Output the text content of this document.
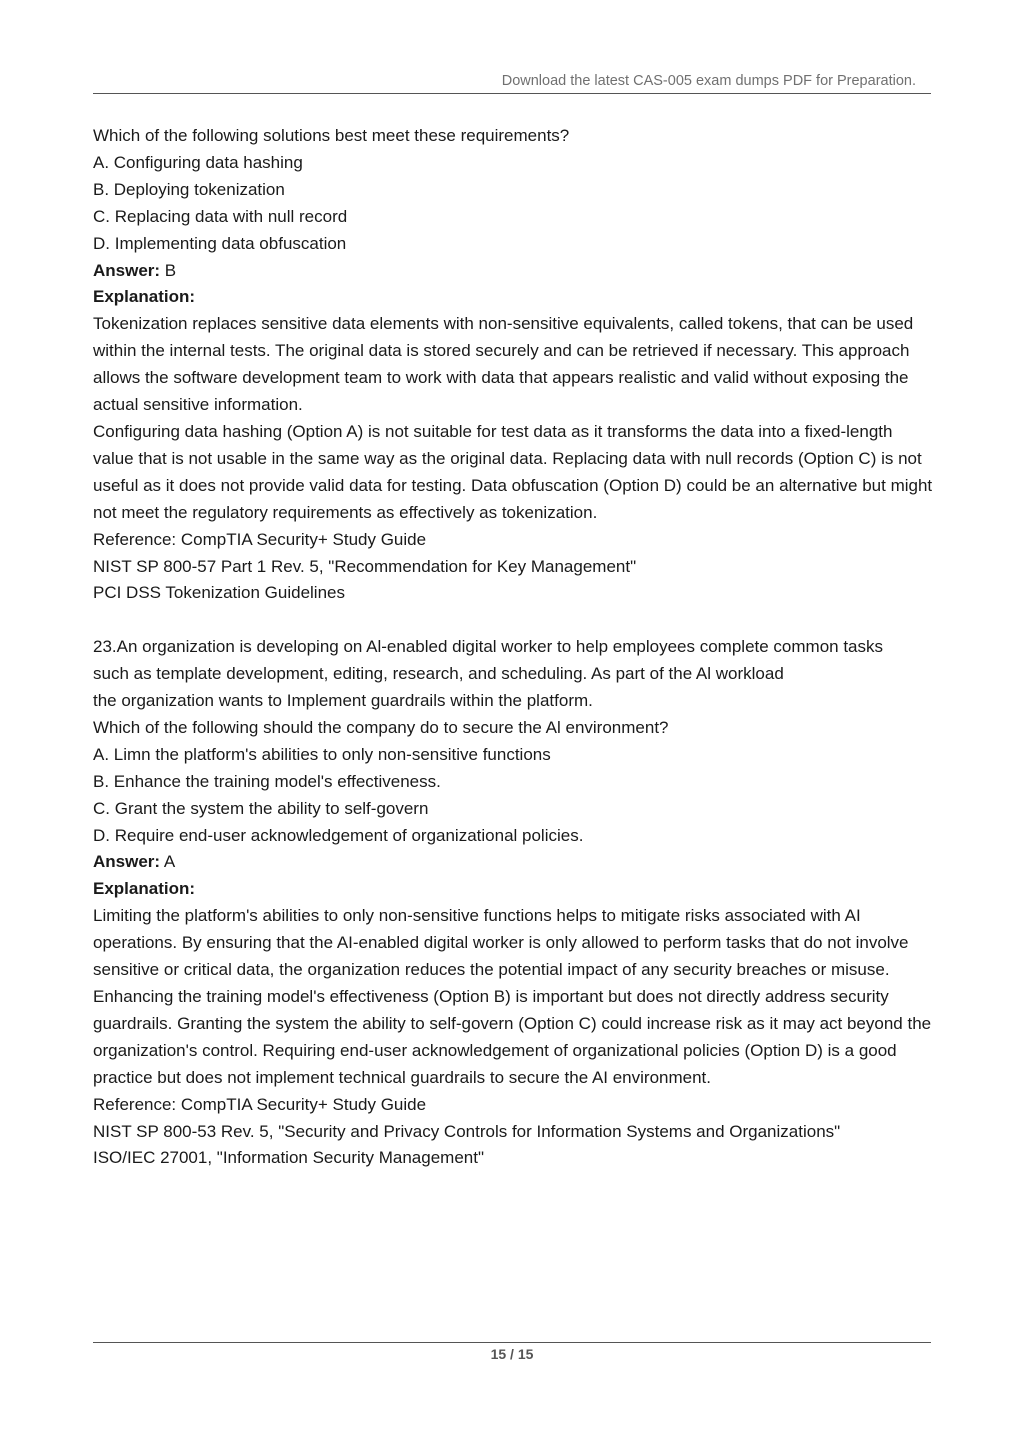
Download the latest CAS-005 exam dumps PDF for Preparation.
Which of the following solutions best meet these requirements?
A. Configuring data hashing
B. Deploying tokenization
C. Replacing data with null record
D. Implementing data obfuscation
Answer: B
Explanation:
Tokenization replaces sensitive data elements with non-sensitive equivalents, called tokens, that can be used within the internal tests. The original data is stored securely and can be retrieved if necessary. This approach allows the software development team to work with data that appears realistic and valid without exposing the actual sensitive information.
Configuring data hashing (Option A) is not suitable for test data as it transforms the data into a fixed-length value that is not usable in the same way as the original data. Replacing data with null records (Option C) is not useful as it does not provide valid data for testing. Data obfuscation (Option D) could be an alternative but might not meet the regulatory requirements as effectively as tokenization.
Reference: CompTIA Security+ Study Guide
NIST SP 800-57 Part 1 Rev. 5, "Recommendation for Key Management"
PCI DSS Tokenization Guidelines
23.An organization is developing on Al-enabled digital worker to help employees complete common tasks
such as template development, editing, research, and scheduling. As part of the Al workload
the organization wants to Implement guardrails within the platform.
Which of the following should the company do to secure the Al environment?
A. Limn the platform's abilities to only non-sensitive functions
B. Enhance the training model's effectiveness.
C. Grant the system the ability to self-govern
D. Require end-user acknowledgement of organizational policies.
Answer: A
Explanation:
Limiting the platform's abilities to only non-sensitive functions helps to mitigate risks associated with AI operations. By ensuring that the AI-enabled digital worker is only allowed to perform tasks that do not involve sensitive or critical data, the organization reduces the potential impact of any security breaches or misuse.
Enhancing the training model's effectiveness (Option B) is important but does not directly address security guardrails. Granting the system the ability to self-govern (Option C) could increase risk as it may act beyond the organization's control. Requiring end-user acknowledgement of organizational policies (Option D) is a good practice but does not implement technical guardrails to secure the AI environment.
Reference: CompTIA Security+ Study Guide
NIST SP 800-53 Rev. 5, "Security and Privacy Controls for Information Systems and Organizations"
ISO/IEC 27001, "Information Security Management"
15 / 15
